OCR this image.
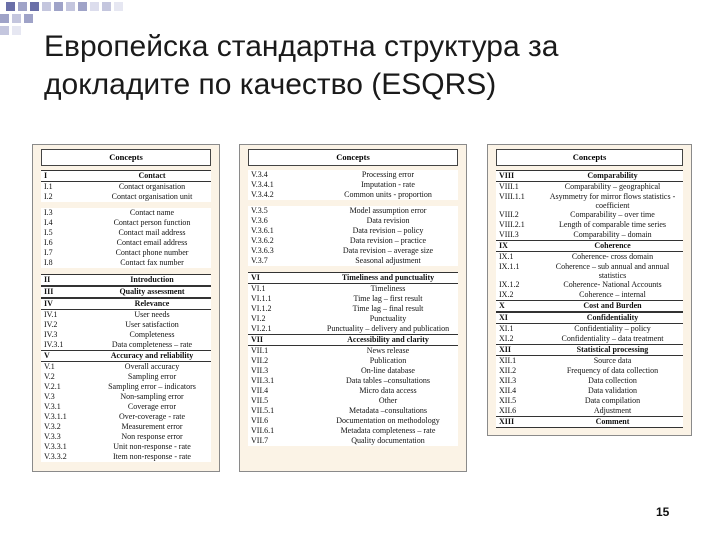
Европейска стандартна структура за
докладите по качество (ESQRS)
Concepts
I	Contact
I.1	Contact organisation
I.2	Contact organisation unit
I.3	Contact name
I.4	Contact person function
I.5	Contact mail address
I.6	Contact email address
I.7	Contact phone number
I.8	Contact fax number
II	Introduction
III	Quality assessment
IV	Relevance
IV.1	User needs
IV.2	User satisfaction
IV.3	Completeness
IV.3.1	Data completeness – rate
V	Accuracy and reliability
V.1	Overall accuracy
V.2	Sampling error
V.2.1	Sampling error – indicators
V.3	Non-sampling error
V.3.1	Coverage error
V.3.1.1	Over-coverage - rate
V.3.2	Measurement error
V.3.3	Non response error
V.3.3.1	Unit non-response - rate
V.3.3.2	Item non-response - rate
Concepts
V.3.4	Processing error
V.3.4.1	Imputation - rate
V.3.4.2	Common units - proportion
V.3.5	Model assumption error
V.3.6	Data revision
V.3.6.1	Data revision – policy
V.3.6.2	Data revision – practice
V.3.6.3	Data revision – average size
V.3.7	Seasonal adjustment
VI	Timeliness and punctuality
VI.1	Timeliness
VI.1.1	Time lag – first result
VI.1.2	Time lag – final result
VI.2	Punctuality
VI.2.1	Punctuality – delivery and publication
VII	Accessibility and clarity
VII.1	News release
VII.2	Publication
VII.3	On-line database
VII.3.1	Data tables –consultations
VII.4	Micro data access
VII.5	Other
VII.5.1	Metadata –consultations
VII.6	Documentation on methodology
VII.6.1	Metadata completeness – rate
VII.7	Quality documentation
Concepts
VIII	Comparability
VIII.1	Comparability – geographical
VIII.1.1	Asymmetry for mirror flows statistics - coefficient
VIII.2	Comparability – over time
VIII.2.1	Length of comparable time series
VIII.3	Comparability – domain
IX	Coherence
IX.1	Coherence- cross domain
IX.1.1	Coherence – sub annual and annual statistics
IX.1.2	Coherence- National Accounts
IX.2	Coherence – internal
X	Cost and Burden
XI	Confidentiality
XI.1	Confidentiality – policy
XI.2	Confidentiality – data treatment
XII	Statistical processing
XII.1	Source data
XII.2	Frequency of data collection
XII.3	Data collection
XII.4	Data validation
XII.5	Data compilation
XII.6	Adjustment
XIII	Comment
15
